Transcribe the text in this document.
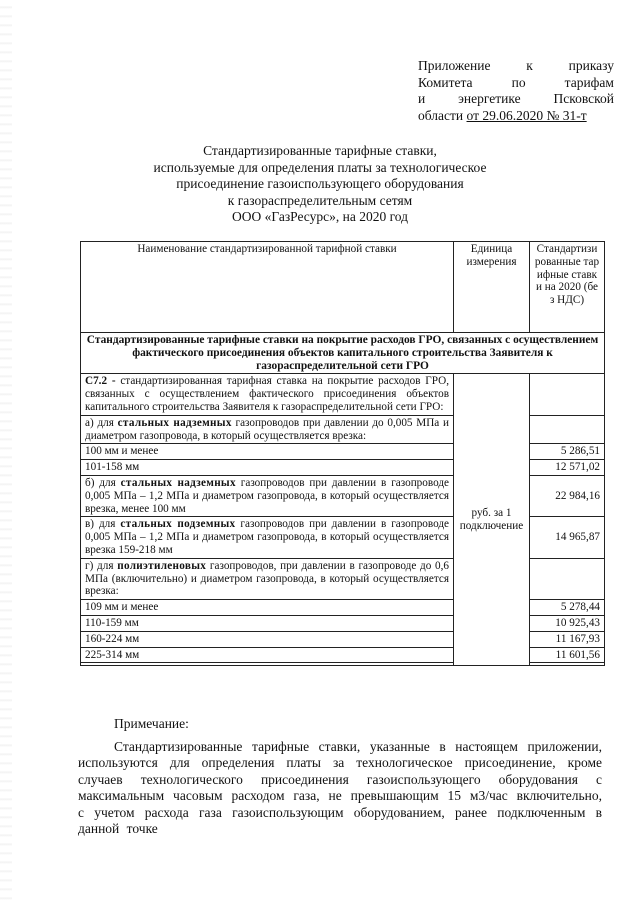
Приложение	к	приказу
Комитета	по	тарифам
и энергетике Псковской
области от 29.06.2020 № 31-т
Стандартизированные тарифные ставки,
используемые для определения платы за технологическое
присоединение газоиспользующего оборудования
к газораспределительным сетям
ООО «ГазРесурс», на 2020 год
Наименование стандартизированной тарифной ставки	Единица измерения	Стандартизированные тарифные ставки на 2020 (без НДС)
Стандартизированные тарифные ставки на покрытие расходов ГРО, связанных с осуществлением фактического присоединения объектов капитального строительства Заявителя к газораспределительной сети ГРО		
С7.2 - стандартизированная тарифная ставка на покрытие расходов ГРО, связанных с осуществлением фактического присоединения объектов капитального строительства Заявителя к газораспределительной сети ГРО:	руб. за 1 подключение	
а) для стальных надземных газопроводов при давлении до 0,005 МПа и диаметром газопровода, в который осуществляется врезка:		
100 мм и менее		5 286,51
101-158 мм		12 571,02
б) для стальных надземных газопроводов при давлении в газопроводе 0,005 МПа – 1,2 МПа и диаметром газопровода, в который осуществляется врезка, менее 100 мм		22 984,16
в) для стальных подземных газопроводов при давлении в газопроводе 0,005 МПа – 1,2 МПа и диаметром газопровода, в который осуществляется врезка 159-218 мм		14 965,87
г) для полиэтиленовых газопроводов, при давлении в газопроводе до 0,6 МПа (включительно) и диаметром газопровода, в который осуществляется врезка:		
109 мм и менее		5 278,44
110-159 мм		10 925,43
160-224 мм		11 167,93
225-314 мм		11 601,56

Примечание:
Стандартизированные тарифные ставки, указанные в настоящем приложении, используются для определения платы за технологическое присоединение, кроме случаев технологического присоединения газоиспользующего оборудования с максимальным часовым расходом газа, не превышающим 15 м3/час включительно, с учетом расхода газа газоиспользующим оборудованием, ранее подключенным в данной точке
